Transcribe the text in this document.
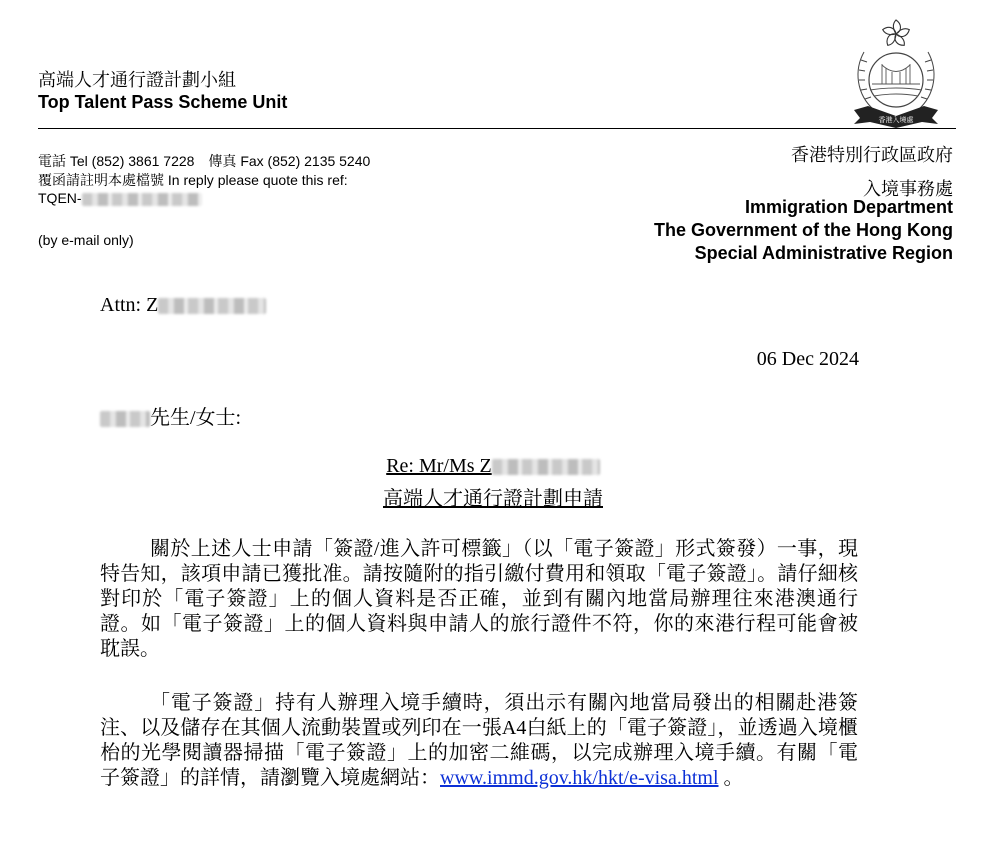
高端人才通行證計劃小組
Top Talent Pass Scheme Unit
香港入境處
電話 Tel (852) 3861 7228　傳真 Fax (852) 2135 5240
覆函請註明本處檔號 In reply please quote this ref:
TQEN-
(by e-mail only)
香港特別行政區政府
入境事務處
Immigration Department
The Government of the Hong Kong
Special Administrative Region
Attn: Z
06 Dec 2024
先生/女士:
Re: Mr/Ms Z
高端人才通行證計劃申請
關於上述人士申請「簽證/進入許可標籤」（以「電子簽證」形式簽發）一事，現特告知，該項申請已獲批准。請按隨附的指引繳付費用和領取「電子簽證」。請仔細核對印於「電子簽證」上的個人資料是否正確，並到有關內地當局辦理往來港澳通行證。如「電子簽證」上的個人資料與申請人的旅行證件不符，你的來港行程可能會被耽誤。
「電子簽證」持有人辦理入境手續時，須出示有關內地當局發出的相關赴港簽注、以及儲存在其個人流動裝置或列印在一張A4白紙上的「電子簽證」，並透過入境櫃枱的光學閱讀器掃描「電子簽證」上的加密二維碼，以完成辦理入境手續。有關「電子簽證」的詳情，請瀏覽入境處網站：www.immd.gov.hk/hkt/e-visa.html 。
